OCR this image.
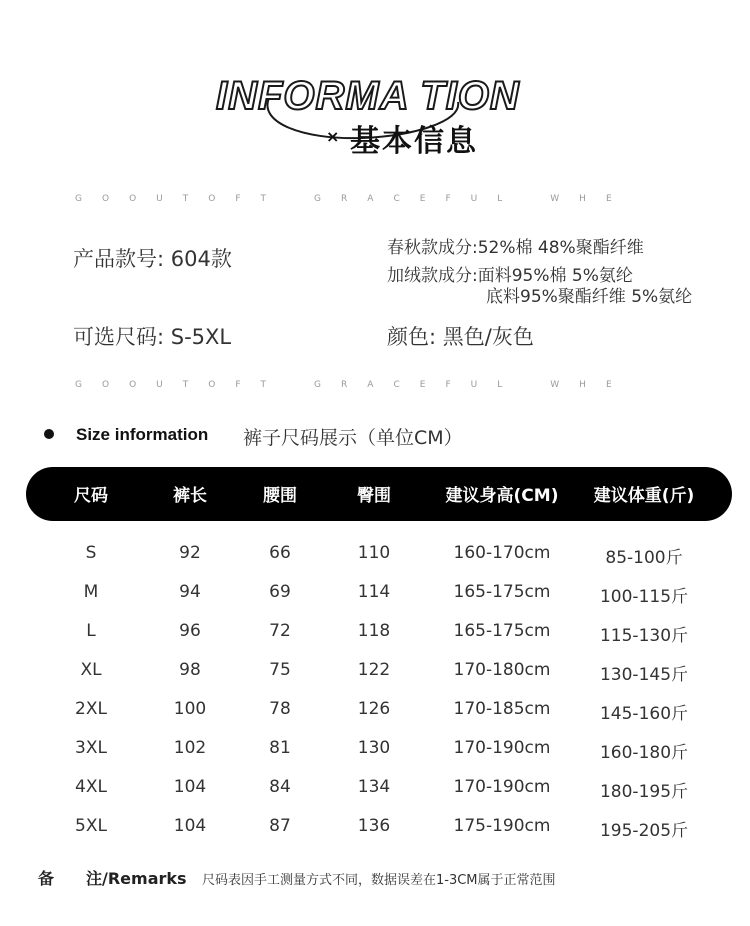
INFORMA TION
× 基本信息
G O O U T O F T	G R A C E F U L	W H E
产品款号: 604款	春秋款成分:52%棉 48%聚酯纤维
加绒款成分:面料95%棉 5%氨纶
底料95%聚酯纤维 5%氨纶
可选尺码: S-5XL	颜色: 黑色/灰色
G O O U T O F T	G R A C E F U L	W H E
Size information 裤子尺码展示（单位CM）
尺码	裤长	腰围	臀围	建议身高(CM) 建议体重(斤)
S	92	66	110	160-170cm	85-100斤
M	94	69	114	165-175cm	100-115斤
L	96	72	118	165-175cm	115-130斤
XL	98	75	122	170-180cm	130-145斤
2XL	100	78	126	170-185cm	145-160斤
3XL	102	81	130	170-190cm	160-180斤
4XL	104	84	134	170-190cm	180-195斤
5XL	104	87	136	175-190cm	195-205斤
备 注/Remarks 尺码表因手工测量方式不同，数据误差在1-3CM属于正常范围
